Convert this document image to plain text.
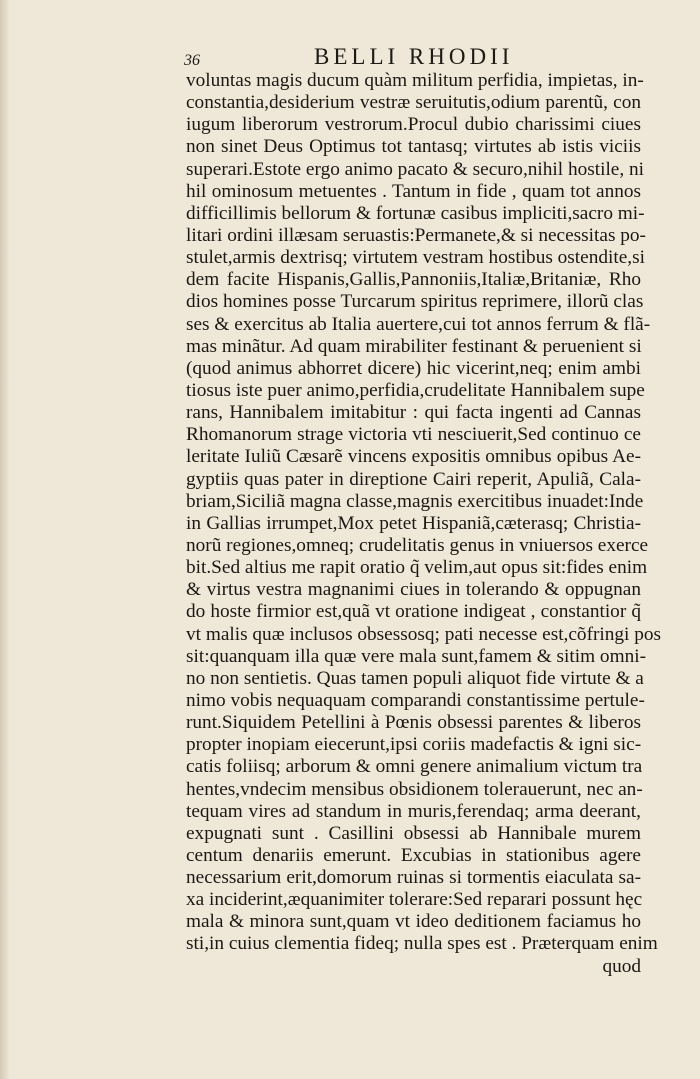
36	BELLI RHODII
voluntas magis ducum quàm militum perfidia, impietas, in-
constantia,desiderium vestræ seruitutis,odium parentũ, con
iugum liberorum vestrorum.Procul dubio charissimi ciues
non sinet Deus Optimus tot tantasq; virtutes ab istis viciis
superari.Estote ergo animo pacato & securo,nihil hostile, ni
hil ominosum metuentes . Tantum in fide , quam tot annos
difficillimis bellorum & fortunæ casibus impliciti,sacro mi-
litari ordini illæsam seruastis:Permanete,& si necessitas po-
stulet,armis dextrisq; virtutem vestram hostibus ostendite,si
dem facite Hispanis,Gallis,Pannoniis,Italiæ,Britaniæ, Rho
dios homines posse Turcarum spiritus reprimere, illorũ clas
ses & exercitus ab Italia auertere,cui tot annos ferrum & flã-
mas minãtur. Ad quam mirabiliter festinant & peruenient si
(quod animus abhorret dicere) hic vicerint,neq; enim ambi
tiosus iste puer animo,perfidia,crudelitate Hannibalem supe
rans, Hannibalem imitabitur : qui facta ingenti ad Cannas
Rhomanorum strage victoria vti nesciuerit,Sed continuo ce
leritate Iuliũ Cæsarẽ vincens expositis omnibus opibus Ae-
gyptiis quas pater in direptione Cairi reperit, Apuliã, Cala-
briam,Siciliã magna classe,magnis exercitibus inuadet:Inde
in Gallias irrumpet,Mox petet Hispaniã,cæterasq; Christia-
norũ regiones,omneq; crudelitatis genus in vniuersos exerce
bit.Sed altius me rapit oratio q̃ velim,aut opus sit:fides enim
& virtus vestra magnanimi ciues in tolerando & oppugnan
do hoste firmior est,quã vt oratione indigeat , constantior q̃
vt malis quæ inclusos obsessosq; pati necesse est,cõfringi pos
sit:quanquam illa quæ vere mala sunt,famem & sitim omni-
no non sentietis. Quas tamen populi aliquot fide virtute & a
nimo vobis nequaquam comparandi constantissime pertule-
runt.Siquidem Petellini à Pœnis obsessi parentes & liberos
propter inopiam eiecerunt,ipsi coriis madefactis & igni sic-
catis foliisq; arborum & omni genere animalium victum tra
hentes,vndecim mensibus obsidionem tolerauerunt, nec an-
tequam vires ad standum in muris,ferendaq; arma deerant,
expugnati sunt . Casillini obsessi ab Hannibale murem
centum denariis emerunt. Excubias in stationibus agere
necessarium erit,domorum ruinas si tormentis eiaculata sa-
xa inciderint,æquanimiter tolerare:Sed reparari possunt hęc
mala & minora sunt,quam vt ideo deditionem faciamus ho
sti,in cuius clementia fideq; nulla spes est . Præterquam enim
quod
